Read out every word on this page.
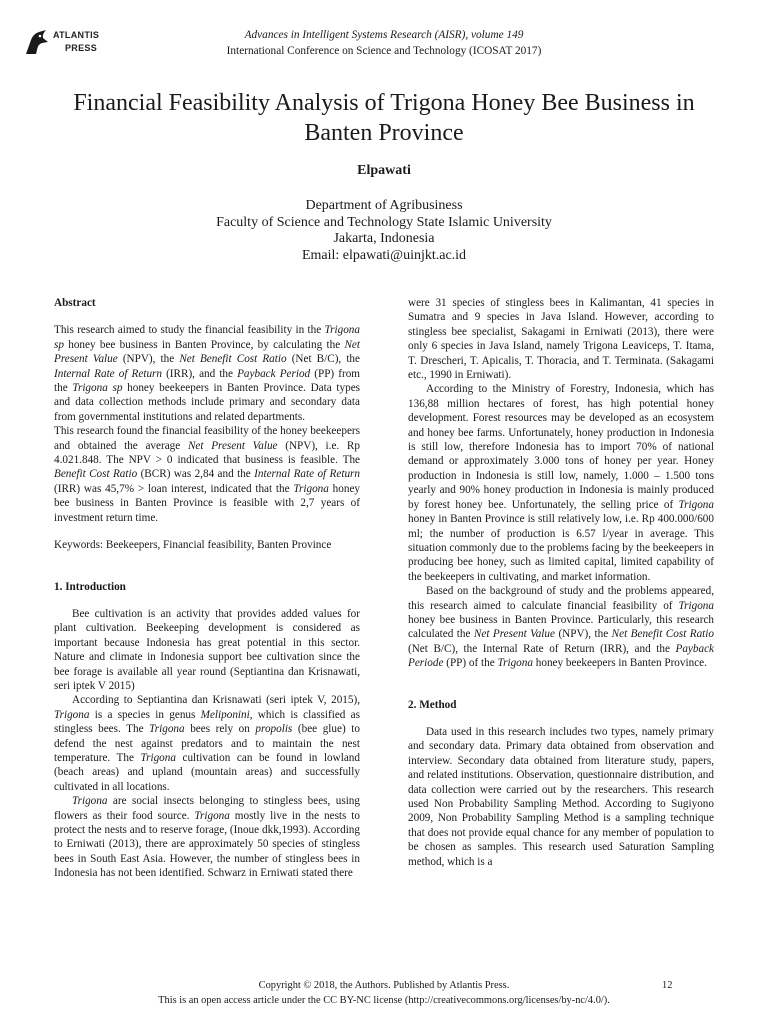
ATLANTIS
PRESS
Advances in Intelligent Systems Research (AISR), volume 149
International Conference on Science and Technology (ICOSAT 2017)
Financial Feasibility Analysis of Trigona Honey Bee Business in Banten Province
Elpawati
Department of Agribusiness
Faculty of Science and Technology State Islamic University
Jakarta, Indonesia
Email: elpawati@uinjkt.ac.id

Abstract

This research aimed to study the financial feasibility in the Trigona sp honey bee business in Banten Province, by calculating the Net Present Value (NPV), the Net Benefit Cost Ratio (Net B/C), the Internal Rate of Return (IRR), and the Payback Period (PP) from the Trigona sp honey beekeepers in Banten Province. Data types and data collection methods include primary and secondary data from governmental institutions and related departments.

This research found the financial feasibility of the honey beekeepers and obtained the average Net Present Value (NPV), i.e. Rp 4.021.848. The NPV > 0 indicated that business is feasible. The Benefit Cost Ratio (BCR) was 2,84 and the Internal Rate of Return (IRR) was 45,7% > loan interest, indicated that the Trigona honey bee business in Banten Province is feasible with 2,7 years of investment return time.

Keywords: Beekeepers, Financial feasibility, Banten Province

1. Introduction

Bee cultivation is an activity that provides added values for plant cultivation. Beekeeping development is considered as important because Indonesia has great potential in this sector. Nature and climate in Indonesia support bee cultivation since the bee forage is available all year round (Septiantina dan Krisnawati, seri iptek V 2015)

According to Septiantina dan Krisnawati (seri iptek V, 2015), Trigona is a species in genus Meliponini, which is classified as stingless bees. The Trigona bees rely on propolis (bee glue) to defend the nest against predators and to maintain the nest temperature. The Trigona cultivation can be found in lowland (beach areas) and upland (mountain areas) and successfully cultivated in all locations.

Trigona are social insects belonging to stingless bees, using flowers as their food source. Trigona mostly live in the nests to protect the nests and to reserve forage, (Inoue dkk,1993). According to Erniwati (2013), there are approximately 50 species of stingless bees in South East Asia. However, the number of stingless bees in Indonesia has not been identified. Schwarz in Erniwati stated there

were 31 species of stingless bees in Kalimantan, 41 species in Sumatra and 9 species in Java Island. However, according to stingless bee specialist, Sakagami in Erniwati (2013), there were only 6 species in Java Island, namely Trigona Leaviceps, T. Itama, T. Drescheri, T. Apicalis, T. Thoracia, and T. Terminata. (Sakagami etc., 1990 in Erniwati).

According to the Ministry of Forestry, Indonesia, which has 136,88 million hectares of forest, has high potential honey development. Forest resources may be developed as an ecosystem and honey bee farms. Unfortunately, honey production in Indonesia is still low, therefore Indonesia has to import 70% of national demand or approximately 3.000 tons of honey per year. Honey production in Indonesia is still low, namely, 1.000 – 1.500 tons yearly and 90% honey production in Indonesia is mainly produced by forest honey bee. Unfortunately, the selling price of Trigona honey in Banten Province is still relatively low, i.e. Rp 400.000/600 ml; the number of production is 6.57 l/year in average. This situation commonly due to the problems facing by the beekeepers in producing bee honey, such as limited capital, limited capability of the beekeepers in cultivating, and market information.

Based on the background of study and the problems appeared, this research aimed to calculate financial feasibility of Trigona honey bee business in Banten Province. Particularly, this research calculated the Net Present Value (NPV), the Net Benefit Cost Ratio (Net B/C), the Internal Rate of Return (IRR), and the Payback Periode (PP) of the Trigona honey beekeepers in Banten Province.

2. Method

Data used in this research includes two types, namely primary and secondary data. Primary data obtained from observation and interview. Secondary data obtained from literature study, papers, and related institutions. Observation, questionnaire distribution, and data collection were carried out by the researchers. This research used Non Probability Sampling Method. According to Sugiyono 2009, Non Probability Sampling Method is a sampling technique that does not provide equal chance for any member of population to be chosen as samples. This research used Saturation Sampling method, which is a

Copyright © 2018, the Authors. Published by Atlantis Press.	12
This is an open access article under the CC BY-NC license (http://creativecommons.org/licenses/by-nc/4.0/).
